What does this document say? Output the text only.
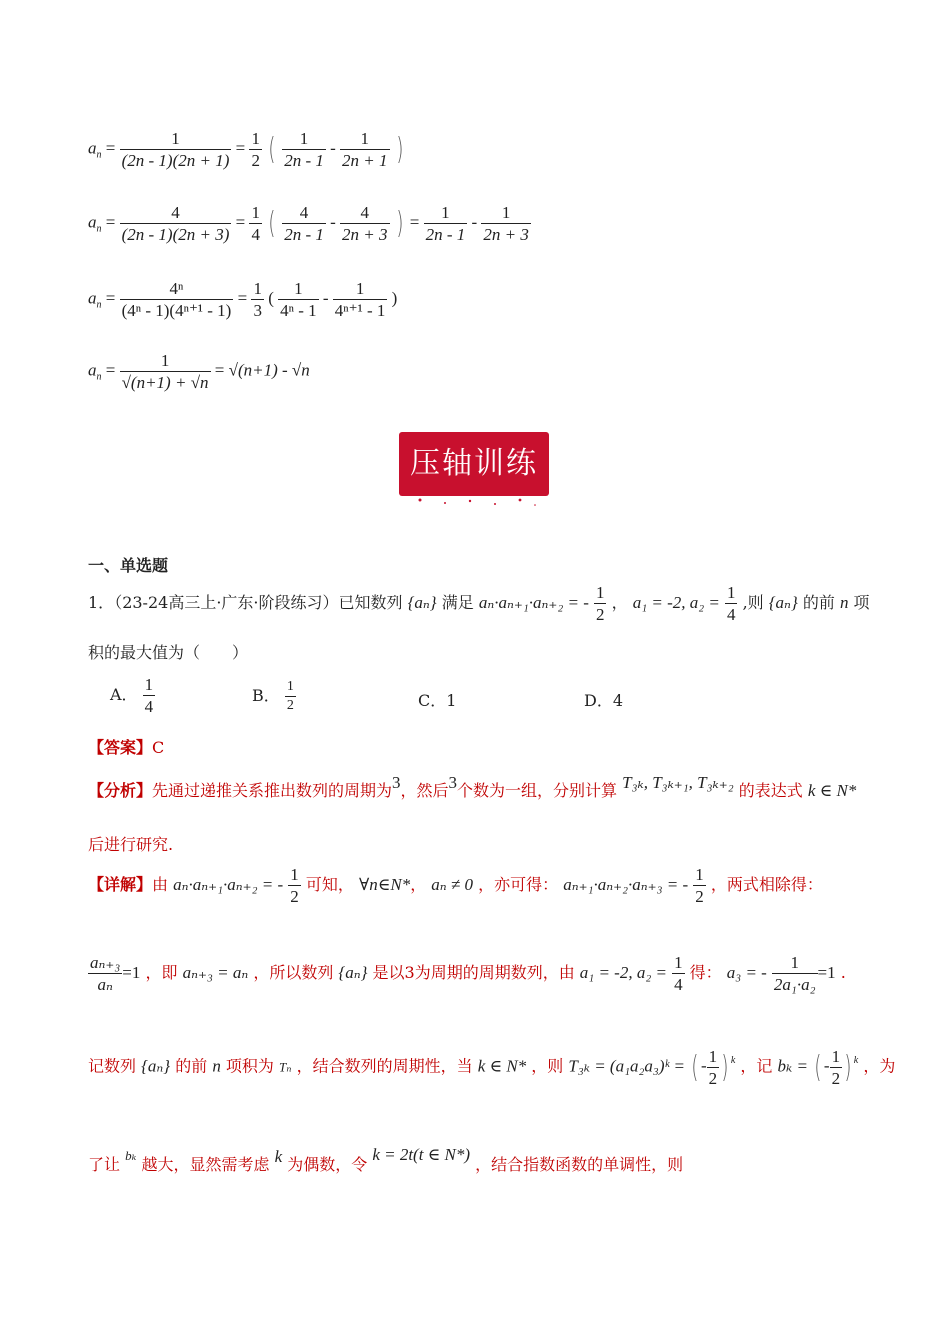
$a_n = \frac{1}{(2n - 1)(2n + 1)} = \frac{1}{2}$ ( $\frac{1}{2n - 1} - \frac{1}{2n + 1}$ )
$a_n = \frac{4}{(2n - 1)(2n + 3)} = \frac{1}{4}$ ( $\frac{4}{2n - 1} - \frac{4}{2n + 3}$ ) = $\frac{1}{2n - 1} - \frac{1}{2n + 3}$
$a_n = \frac{\text{4ⁿ}}{\text{(4ⁿ - 1)(4ⁿ⁺¹ - 1)}} = \frac{1}{3}$ ( $\frac{1}{\text{4ⁿ - 1}} - \frac{1}{\text{4ⁿ⁺¹ - 1}}$ )
$a_n = \frac{1}{√(n+1) + √n} = √(n+1) - √n$
压轴训练
一、单选题
1．（23-24高三上·广东·阶段练习）已知数列 {aₙ} 满足 aₙ·aₙ₊₁·aₙ₊₂ = - $\frac{1}{2}$ ， a₁ = -2, $a_2 = \frac{1}{4}$ ,则 {aₙ} 的前 n 项
积的最大值为（　　）
A． $\frac{1}{4}$	B． $\frac{1}{2}$	C．1	D．4
【答案】C
【分析】先通过递推关系推出数列的周期为3，然后3个数为一组，分别计算 T₃ₖ, T₃ₖ₊₁, T₃ₖ₊₂ 的表达式 k ∈ N*
后进行研究.
【详解】由 aₙ·aₙ₊₁·aₙ₊₂ = - $\frac{1}{2}$ 可知， ∀n∈N*， aₙ ≠ 0 ，亦可得： aₙ₊₁·aₙ₊₂·aₙ₊₃ = - $\frac{1}{2}$ ，两式相除得：
$\frac{\text{aₙ₊₃}}{\text{aₙ}} =1$ ，即 aₙ₊₃ = aₙ ，所以数列 {aₙ} 是以3为周期的周期数列，由 a₁ = -2, $a_2 = \frac{1}{4}$ 得： a₃ = - $\frac{1}{\text{2a₁·a₂}} =1$ .
记数列 {aₙ} 的前 n 项积为 Tₙ ，结合数列的周期性，当 k ∈ N* ，则 T₃ₖ = (a₁a₂a₃)ᵏ = ( - $\frac{1}{2}$ ) $^k$ ，记 bₖ = ( - $\frac{1}{2}$ ) $^k$ ，为
了让 $^{b_k}$ 越大，显然需考虑 k 为偶数，令 k = 2t(t ∈ N*) ，结合指数函数的单调性，则
